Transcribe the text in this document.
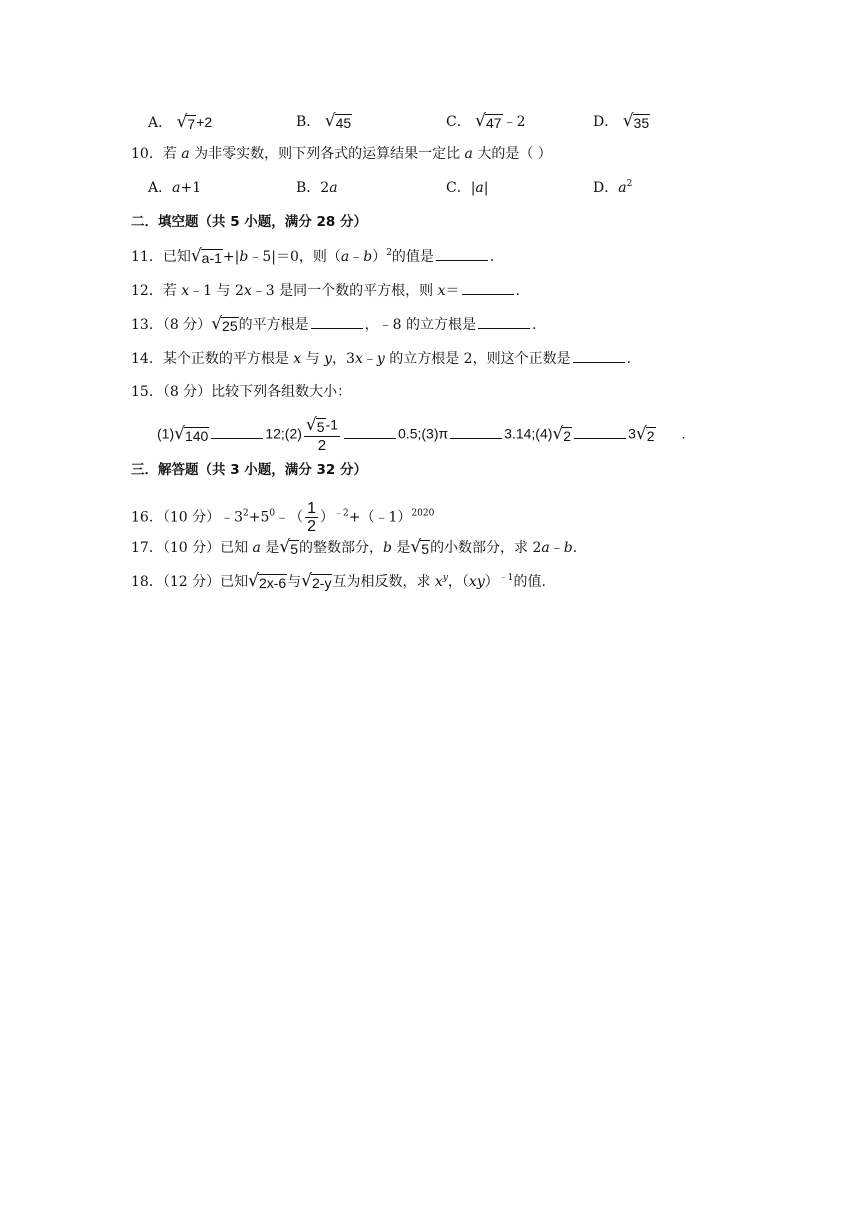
A． √ 7 +2	B． √ 45	C． √ 47 ﹣2	D． √ 35
10．若 a 为非零实数，则下列各式的运算结果一定比 a 大的是（ ）
A．a+1	B．2a	C．|a|	D．$a^2$
二．填空题（共 5 小题，满分 28 分）
11．已知 √ a-1 +|b﹣5|＝0，则（a﹣b）$^2$的值是	.
12．若 x﹣1 与 2x﹣3 是同一个数的平方根，则 x＝	.
13．（8 分） √ 25 的平方根是	，﹣8 的立方根是	.
14．某个正数的平方根是 x 与 y，3x﹣y 的立方根是 2，则这个正数是	.
15．（8 分）比较下列各组数大小：
(1) √ 140	12;(2) $\frac{√ 5 -1}{2}$	0.5;(3)π	3.14;(4) √ 2	3 √ 2 .
三．解答题（共 3 小题，满分 32 分）
16．（10 分）$﹣3^2+5^0﹣( \frac{1}{2}$ ）$^{﹣2}$+（﹣1）$^{2020}$
17．（10 分）已知 a 是 √ 5 的整数部分，b 是 √ 5 的小数部分，求 2a﹣b.
18．（12 分）已知 √ 2x-6 与 √ 2-y 互为相反数，求 $x^y$，（xy）$^{﹣1}$的值.
